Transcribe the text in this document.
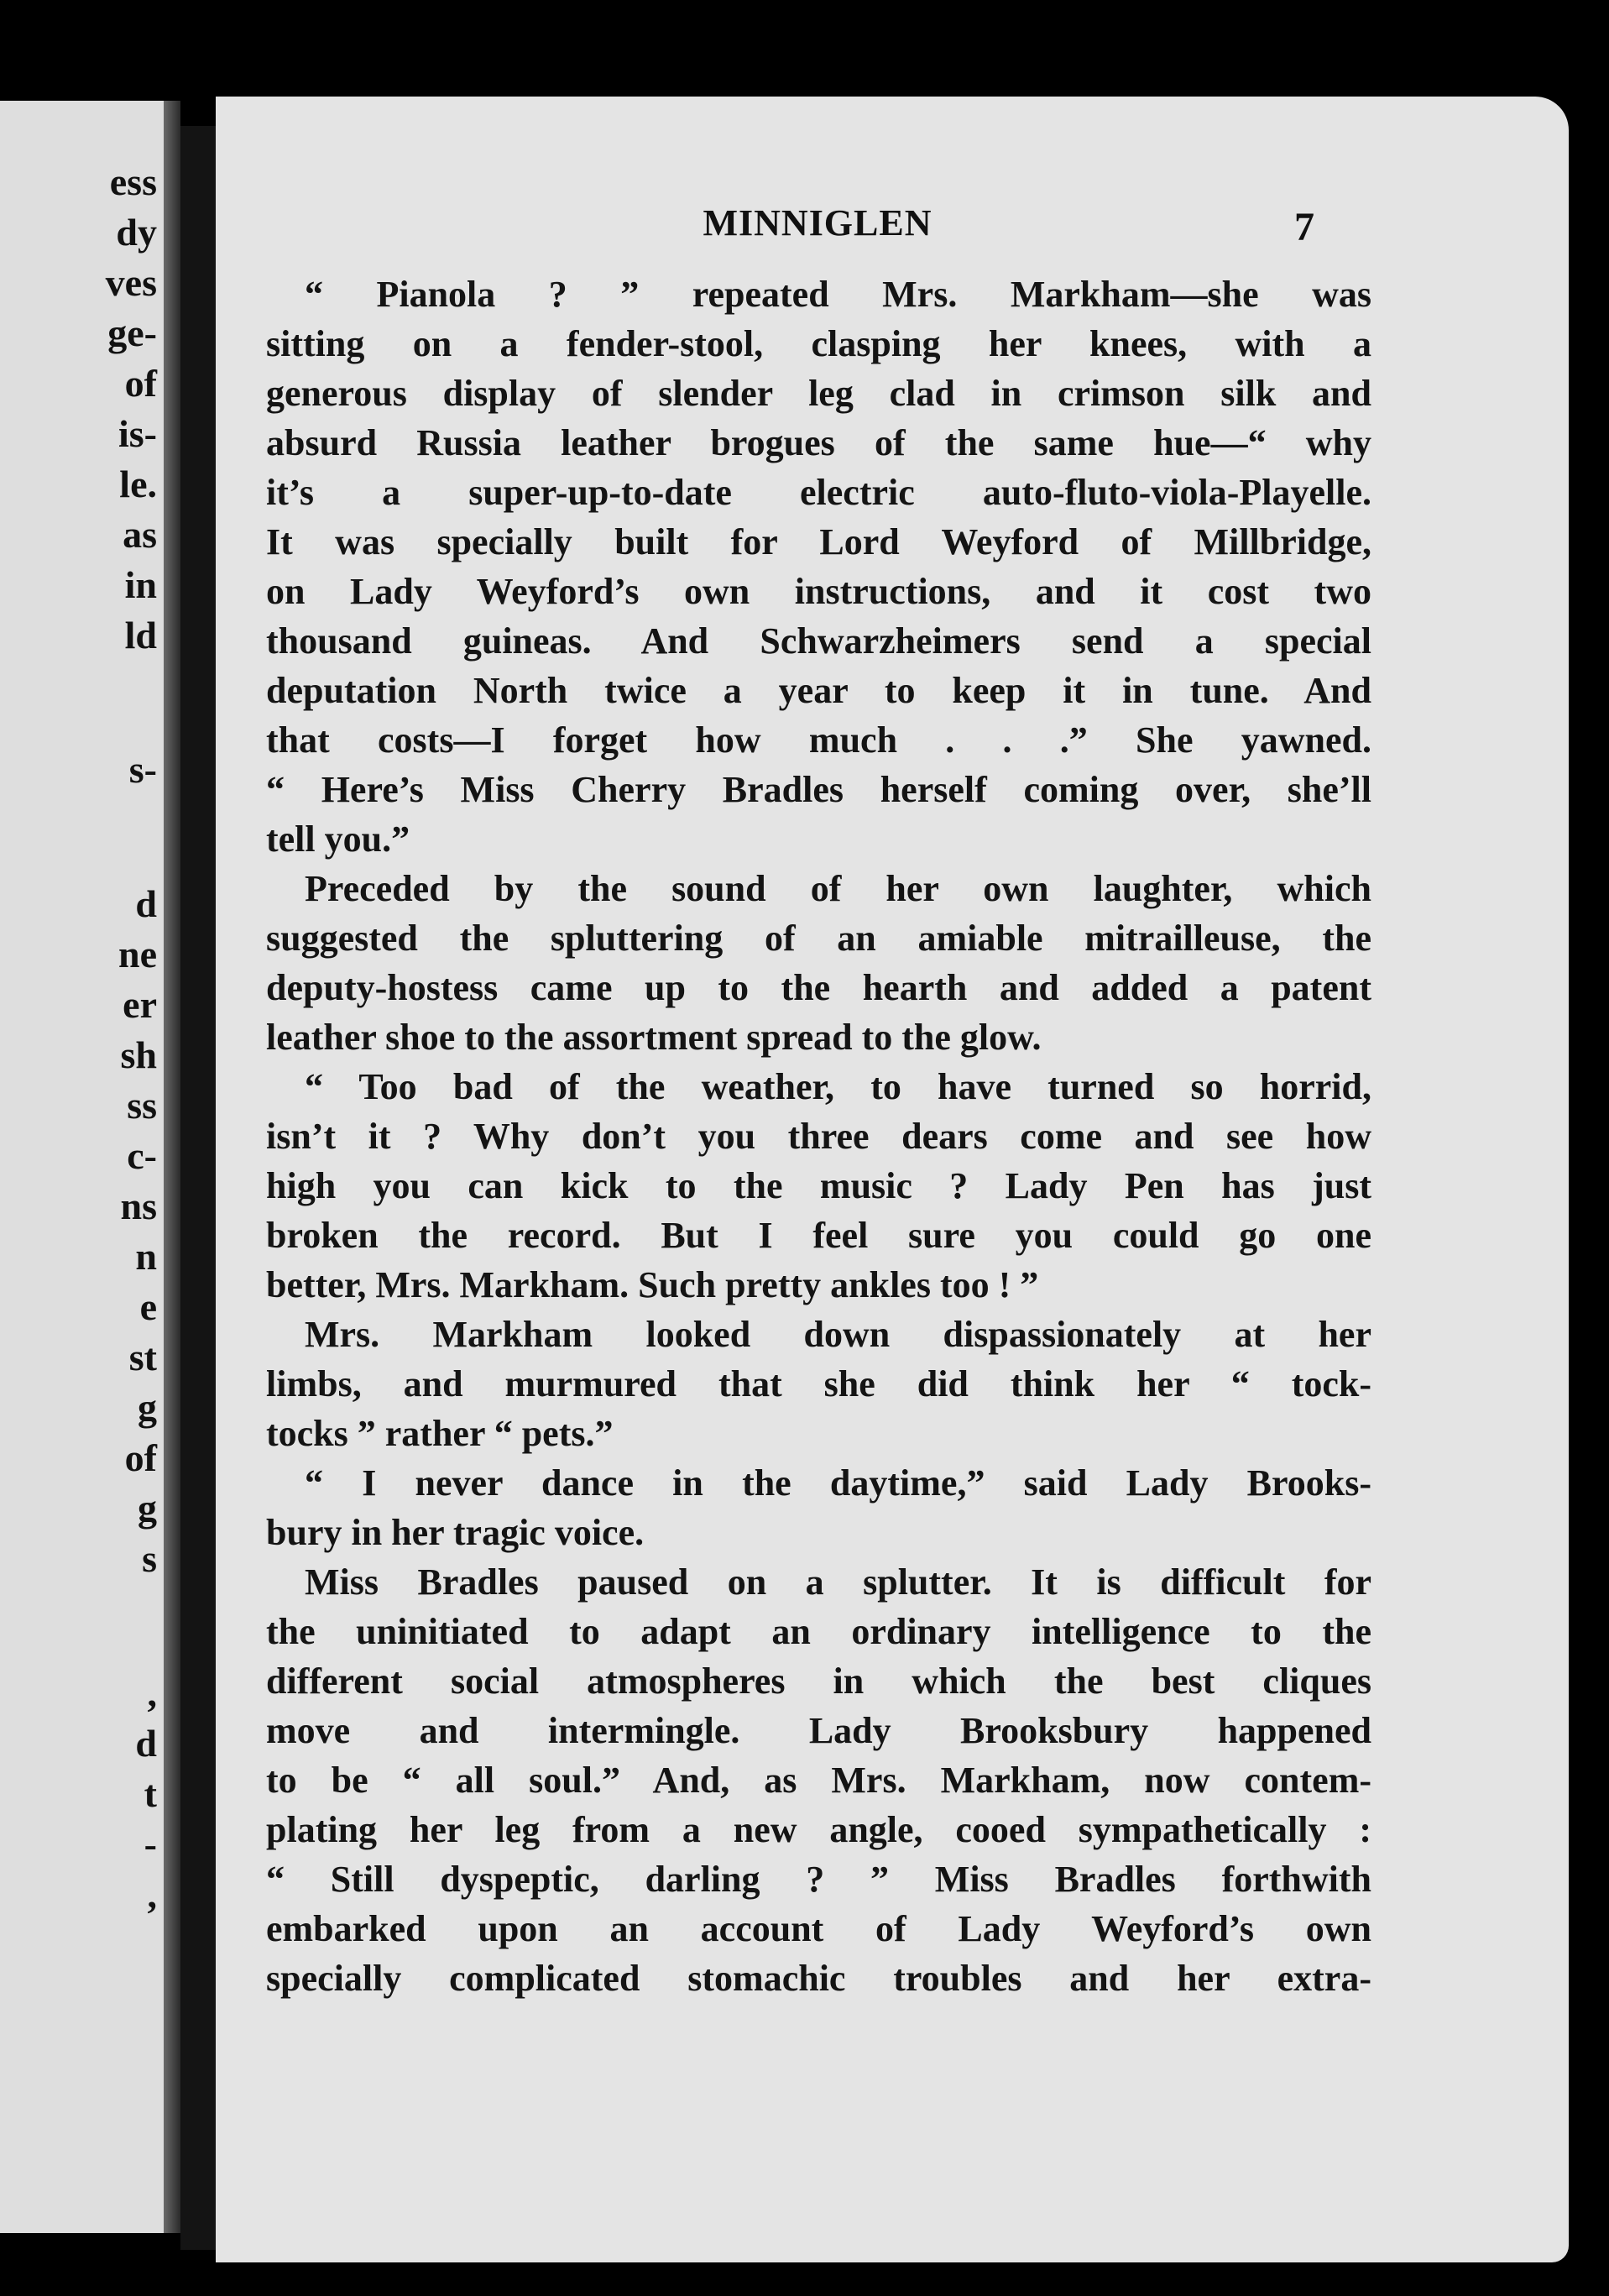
ess
dy
ves
ge-
of
is-
le.
as
in
ld
s-
d
ne
er
sh
ss
c-
ns
n
e
st
g
of
g
s
,
d
t
-
,
MINNIGLEN	7
“ Pianola ? ” repeated Mrs. Markham—she was
sitting on a fender-stool, clasping her knees, with a
generous display of slender leg clad in crimson silk and
absurd Russia leather brogues of the same hue—“ why
it’s a super-up-to-date electric auto-fluto-viola-Playelle.
It was specially built for Lord Weyford of Millbridge,
on Lady Weyford’s own instructions, and it cost two
thousand guineas. And Schwarzheimers send a special
deputation North twice a year to keep it in tune. And
that costs—I forget how much . . .” She yawned.
“ Here’s Miss Cherry Bradles herself coming over, she’ll
tell you.”
Preceded by the sound of her own laughter, which
suggested the spluttering of an amiable mitrailleuse, the
deputy-hostess came up to the hearth and added a patent
leather shoe to the assortment spread to the glow.
“ Too bad of the weather, to have turned so horrid,
isn’t it ? Why don’t you three dears come and see how
high you can kick to the music ? Lady Pen has just
broken the record. But I feel sure you could go one
better, Mrs. Markham. Such pretty ankles too ! ”
Mrs. Markham looked down dispassionately at her
limbs, and murmured that she did think her “ tock-
tocks ” rather “ pets.”
“ I never dance in the daytime,” said Lady Brooks-
bury in her tragic voice.
Miss Bradles paused on a splutter. It is difficult for
the uninitiated to adapt an ordinary intelligence to the
different social atmospheres in which the best cliques
move and intermingle. Lady Brooksbury happened
to be “ all soul.” And, as Mrs. Markham, now contem-
plating her leg from a new angle, cooed sympathetically :
“ Still dyspeptic, darling ? ” Miss Bradles forthwith
embarked upon an account of Lady Weyford’s own
specially complicated stomachic troubles and her extra-
